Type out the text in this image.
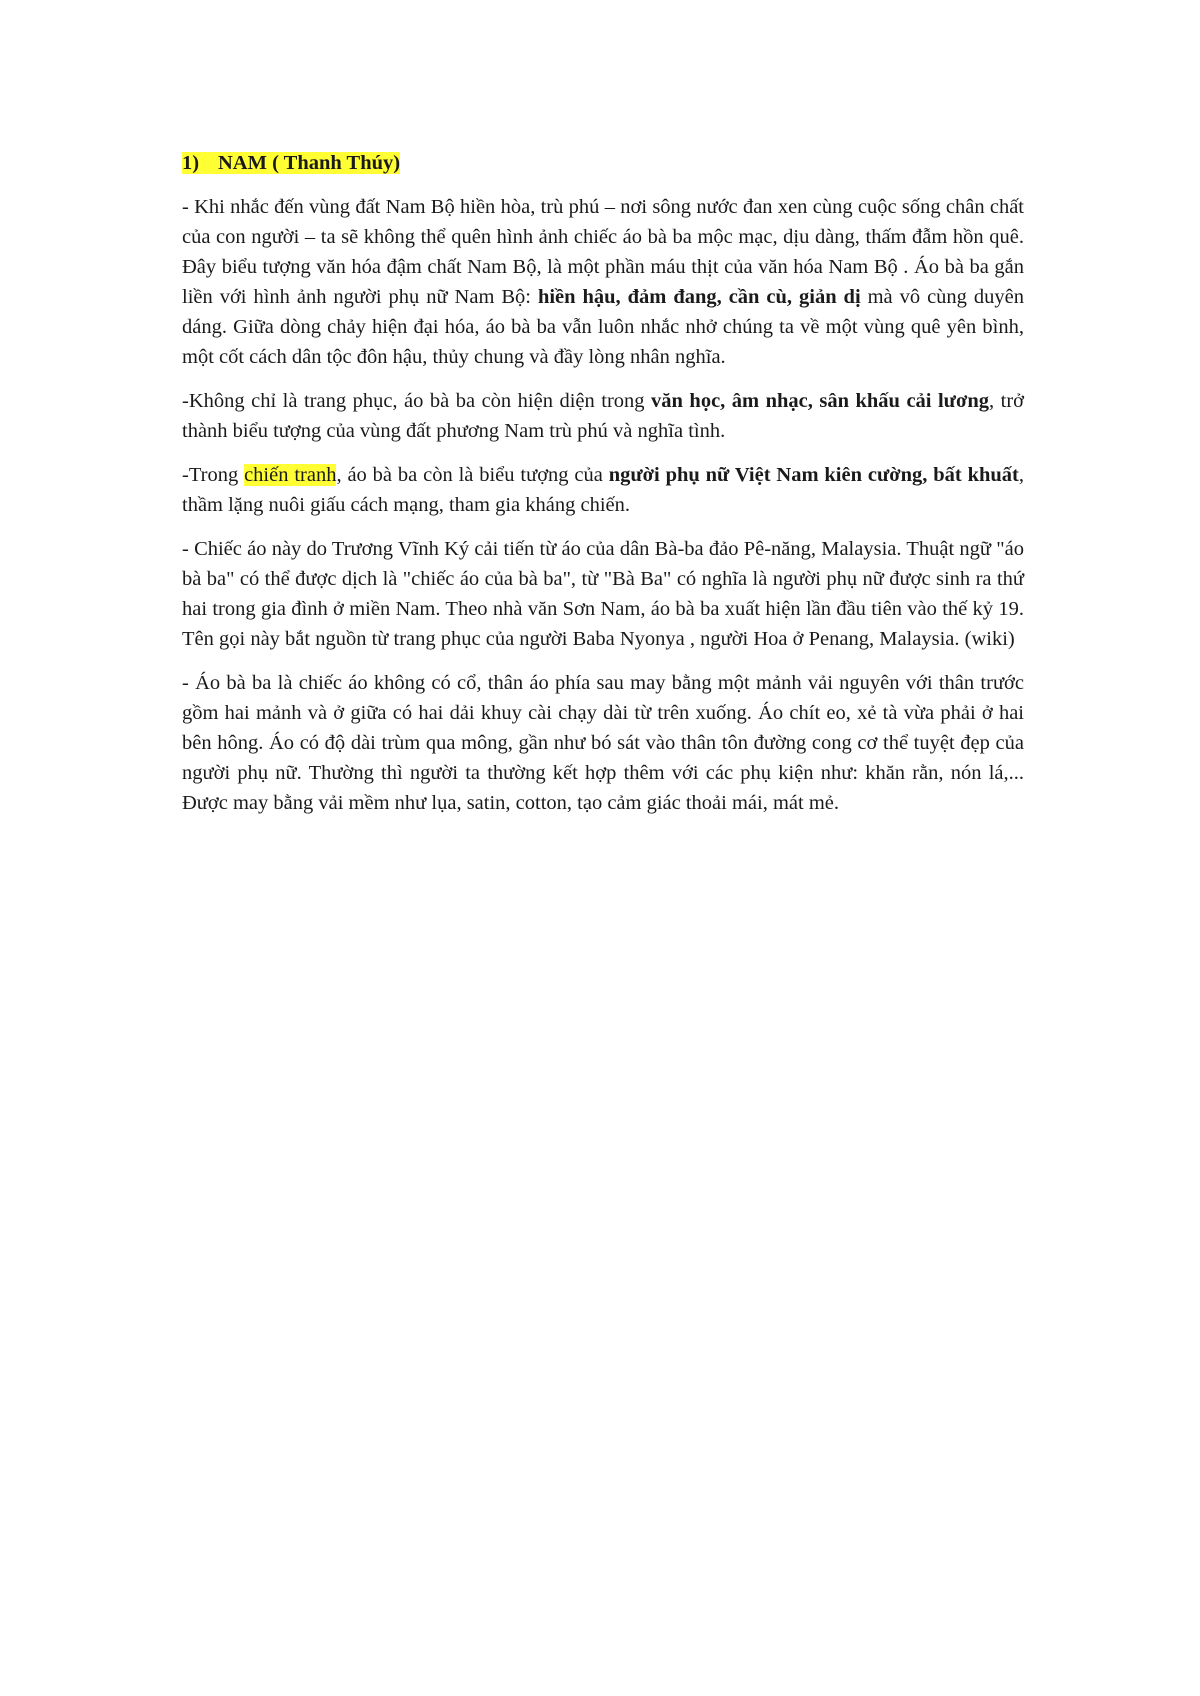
1) NAM ( Thanh Thúy)

- Khi nhắc đến vùng đất Nam Bộ hiền hòa, trù phú – nơi sông nước đan xen cùng cuộc sống chân chất của con người – ta sẽ không thể quên hình ảnh chiếc áo bà ba mộc mạc, dịu dàng, thấm đẫm hồn quê. Đây biểu tượng văn hóa đậm chất Nam Bộ, là một phần máu thịt của văn hóa Nam Bộ . Áo bà ba gắn liền với hình ảnh người phụ nữ Nam Bộ: hiền hậu, đảm đang, cần cù, giản dị mà vô cùng duyên dáng. Giữa dòng chảy hiện đại hóa, áo bà ba vẫn luôn nhắc nhở chúng ta về một vùng quê yên bình, một cốt cách dân tộc đôn hậu, thủy chung và đầy lòng nhân nghĩa.

-Không chỉ là trang phục, áo bà ba còn hiện diện trong văn học, âm nhạc, sân khấu cải lương, trở thành biểu tượng của vùng đất phương Nam trù phú và nghĩa tình.

-Trong chiến tranh, áo bà ba còn là biểu tượng của người phụ nữ Việt Nam kiên cường, bất khuất, thầm lặng nuôi giấu cách mạng, tham gia kháng chiến.

- Chiếc áo này do Trương Vĩnh Ký cải tiến từ áo của dân Bà-ba đảo Pê-năng, Malaysia. Thuật ngữ "áo bà ba" có thể được dịch là "chiếc áo của bà ba", từ "Bà Ba" có nghĩa là người phụ nữ được sinh ra thứ hai trong gia đình ở miền Nam. Theo nhà văn Sơn Nam, áo bà ba xuất hiện lần đầu tiên vào thế kỷ 19. Tên gọi này bắt nguồn từ trang phục của người Baba Nyonya , người Hoa ở Penang, Malaysia. (wiki)

- Áo bà ba là chiếc áo không có cổ, thân áo phía sau may bằng một mảnh vải nguyên với thân trước gồm hai mảnh và ở giữa có hai dải khuy cài chạy dài từ trên xuống. Áo chít eo, xẻ tà vừa phải ở hai bên hông. Áo có độ dài trùm qua mông, gần như bó sát vào thân tôn đường cong cơ thể tuyệt đẹp của người phụ nữ. Thường thì người ta thường kết hợp thêm với các phụ kiện như: khăn rằn, nón lá,... Được may bằng vải mềm như lụa, satin, cotton, tạo cảm giác thoải mái, mát mẻ.
